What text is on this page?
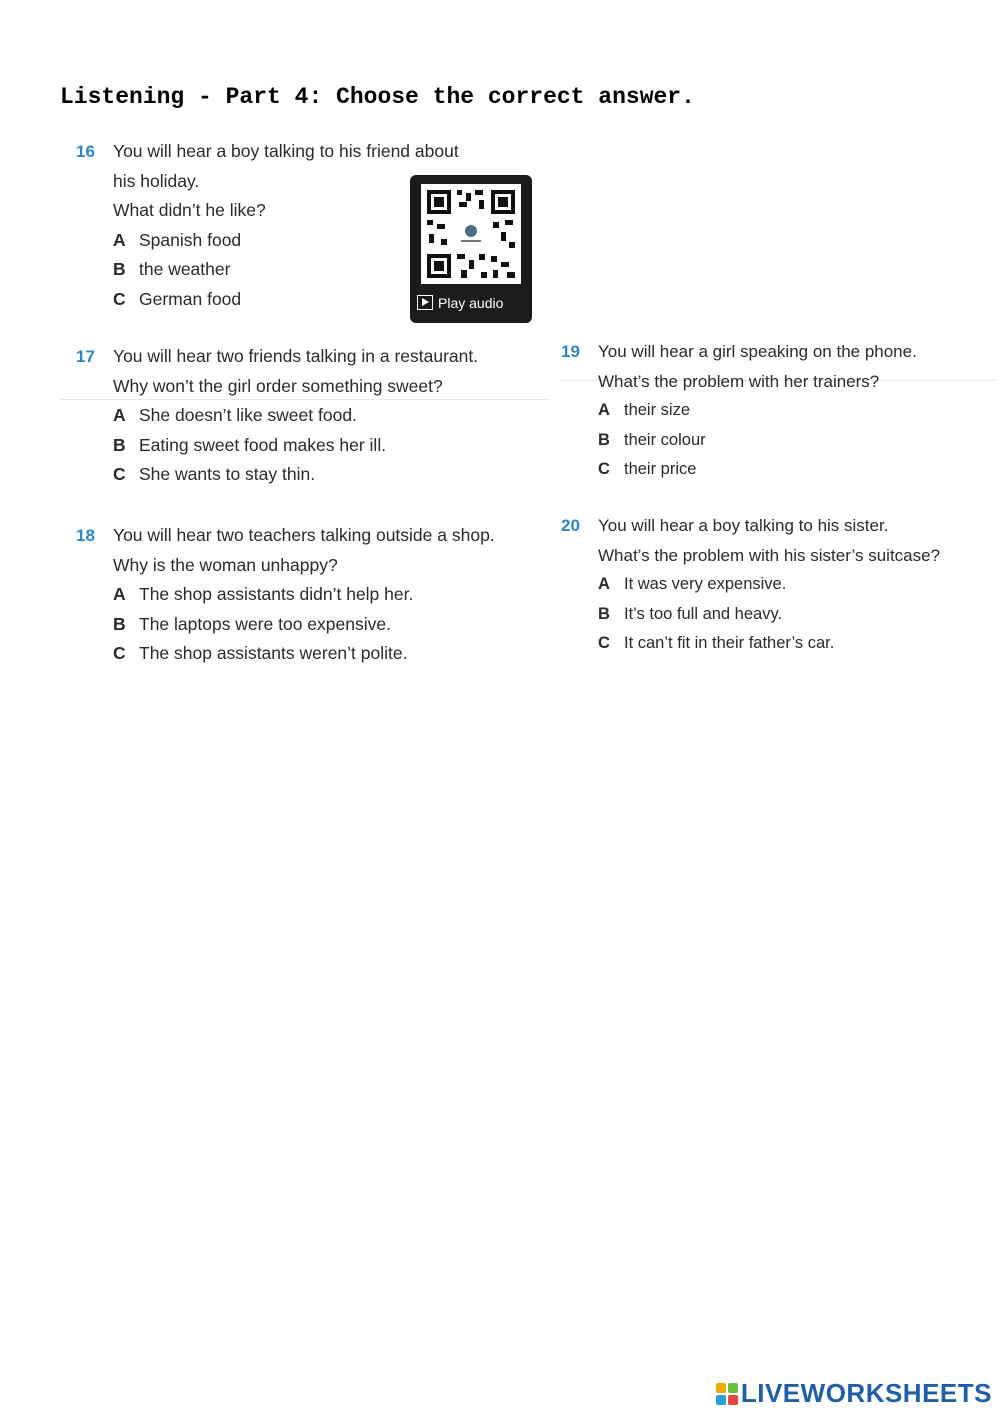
Listening - Part 4: Choose the correct answer.
16 You will hear a boy talking to his friend about
his holiday.
What didn’t he like?
A Spanish food
B the weather
C German food	Play audio
17 You will hear two friends talking in a restaurant.
Why won’t the girl order something sweet?
A She doesn’t like sweet food.
B Eating sweet food makes her ill.
C She wants to stay thin.
18 You will hear two teachers talking outside a shop.
Why is the woman unhappy?
A The shop assistants didn’t help her.
B The laptops were too expensive.
C The shop assistants weren’t polite.
19 You will hear a girl speaking on the phone.
What’s the problem with her trainers?
A their size
B their colour
C their price
20 You will hear a boy talking to his sister.
What’s the problem with his sister’s suitcase?
A It was very expensive.
B It’s too full and heavy.
C It can’t fit in their father’s car.
LIVEWORKSHEETS
